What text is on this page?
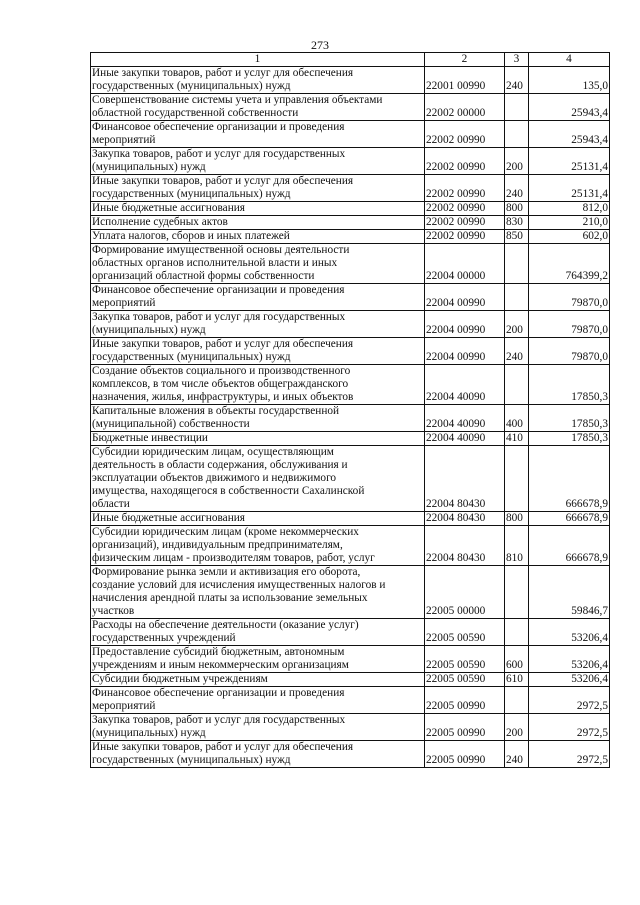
273
1	2	3	4

Иные закупки товаров, работ и услуг для обеспечения
государственных (муниципальных) нужд	22001 00990	240	135,0

Совершенствование системы учета и управления объектами
областной государственной собственности	22002 00000		25943,4

Финансовое обеспечение организации и проведения
мероприятий	22002 00990		25943,4

Закупка товаров, работ и услуг для государственных
(муниципальных) нужд	22002 00990	200	25131,4

Иные закупки товаров, работ и услуг для обеспечения
государственных (муниципальных) нужд	22002 00990	240	25131,4

Иные бюджетные ассигнования	22002 00990	800	812,0

Исполнение судебных актов	22002 00990	830	210,0

Уплата налогов, сборов и иных платежей	22002 00990	850	602,0

Формирование имущественной основы деятельности
областных органов исполнительной власти и иных
организаций областной формы собственности	22004 00000		764399,2

Финансовое обеспечение организации и проведения
мероприятий	22004 00990		79870,0

Закупка товаров, работ и услуг для государственных
(муниципальных) нужд	22004 00990	200	79870,0

Иные закупки товаров, работ и услуг для обеспечения
государственных (муниципальных) нужд	22004 00990	240	79870,0

Создание объектов социального и производственного
комплексов, в том числе объектов общегражданского
назначения, жилья, инфраструктуры, и иных объектов	22004 40090		17850,3

Капитальные вложения в объекты государственной
(муниципальной) собственности	22004 40090	400	17850,3

Бюджетные инвестиции	22004 40090	410	17850,3

Субсидии юридическим лицам, осуществляющим
деятельность в области содержания, обслуживания и
эксплуатации объектов движимого и недвижимого
имущества, находящегося в собственности Сахалинской
области	22004 80430		666678,9

Иные бюджетные ассигнования	22004 80430	800	666678,9

Субсидии юридическим лицам (кроме некоммерческих
организаций), индивидуальным предпринимателям,
физическим лицам - производителям товаров, работ, услуг	22004 80430	810	666678,9

Формирование рынка земли и активизация его оборота,
создание условий для исчисления имущественных налогов и
начисления арендной платы за использование земельных
участков	22005 00000		59846,7

Расходы на обеспечение деятельности (оказание услуг)
государственных учреждений	22005 00590		53206,4

Предоставление субсидий бюджетным, автономным
учреждениям и иным некоммерческим организациям	22005 00590	600	53206,4

Субсидии бюджетным учреждениям	22005 00590	610	53206,4

Финансовое обеспечение организации и проведения
мероприятий	22005 00990		2972,5

Закупка товаров, работ и услуг для государственных
(муниципальных) нужд	22005 00990	200	2972,5

Иные закупки товаров, работ и услуг для обеспечения
государственных (муниципальных) нужд	22005 00990	240	2972,5
